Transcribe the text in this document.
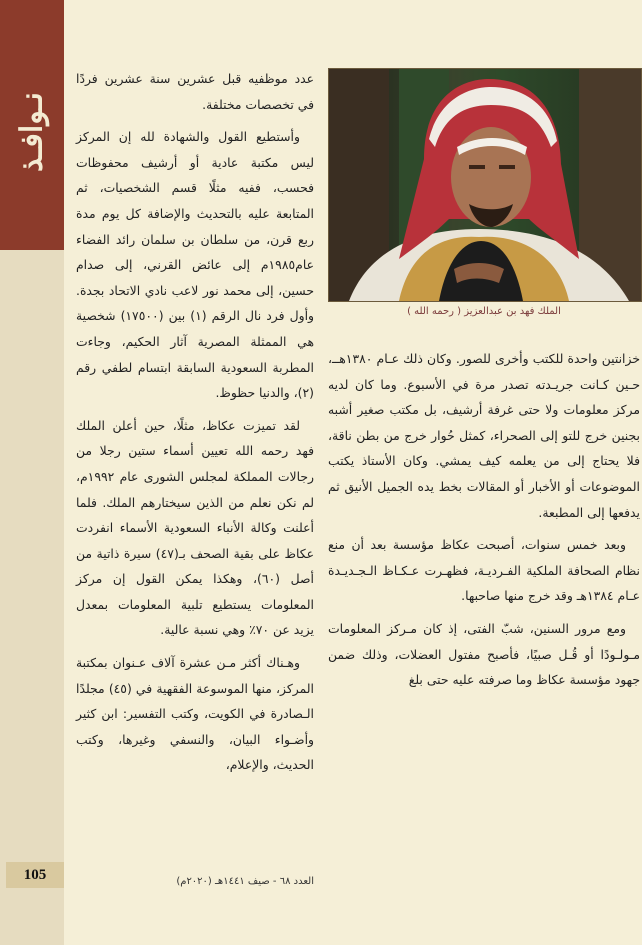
نـوافـذ

عدد موظفيه قبل عشرين سنة عشرين فردًا في تخصصات مختلفة.

وأستطيع القول والشهادة لله إن المركز ليس مكتبة عادية أو أرشيف محفوظات فحسب، ففيه مثلًا قسم الشخصيات، ثم المتابعة عليه بالتحديث والإضافة كل يوم مدة ربع قرن، من سلطان بن سلمان رائد الفضاء عام١٩٨٥م إلى عائض القرني، إلى صدام حسين، إلى محمد نور لاعب نادي الاتحاد بجدة. وأول فرد نال الرقم (١) بين (١٧٥٠٠) شخصية هي الممثلة المصرية آثار الحكيم، وجاءت المطربة السعودية السابقة ابتسام لطفي رقم (٢)، والدنيا حظوظ.

لقد تميزت عكاظ، مثلًا، حين أعلن الملك فهد رحمه الله تعيين أسماء ستين رجلا من رجالات المملكة لمجلس الشورى عام ١٩٩٢م، لم نكن نعلم من الذين سيختارهم الملك. فلما أعلنت وكالة الأنباء السعودية الأسماء انفردت عكاظ على بقية الصحف بـ(٤٧) سيرة ذاتية من أصل (٦٠)، وهكذا يمكن القول إن مركز المعلومات يستطيع تلبية المعلومات بمعدل يزيد عن ٧٠٪ وهي نسبة عالية.

وهـناك أكثر مـن عشرة آلاف عـنوان بمكتبة المركز، منها الموسوعة الفقهية في (٤٥) مجلدًا الـصادرة في الكويت، وكتب التفسير: ابن كثير وأضـواء البيان، والنسفي وغيرها، وكتب الحديث، والإعلام،

الملك فهد بن عبدالعزيز ( رحمه الله )

خزانتين واحدة للكتب وأخرى للصور. وكان ذلك عـام ١٣٨٠هــ، حـين كـانت جريـدته تصدر مرة في الأسبوع. وما كان لديه مركز معلومات ولا حتى غرفة أرشيف، بل مكتب صغير أشبه بجنين خرج للتو إلى الصحراء، كمثل حُوار خرج من بطن ناقة، فلا يحتاج إلى من يعلمه كيف يمشي. وكان الأستاذ يكتب الموضوعات أو الأخبار أو المقالات بخط يده الجميل الأنيق ثم يدفعها إلى المطبعة.

وبعد خمس سنوات، أصبحت عكاظ مؤسسة بعد أن منع نظام الصحافة الملكية الفـرديـة، فظهـرت عـكـاظ الـجـديـدة عـام ١٣٨٤هـ وقد خرج منها صاحبها.

ومع مرور السنين، شبّ الفتى، إذ كان مـركز المعلومات مـولـودًا أو قُـل صبيًا، فأصبح مفتول العضلات، وذلك ضمن جهود مؤسسة عكاظ وما صرفته عليه حتى بلغ

105	العدد ٦٨ - صيف ١٤٤١هـ (٢٠٢٠م)
